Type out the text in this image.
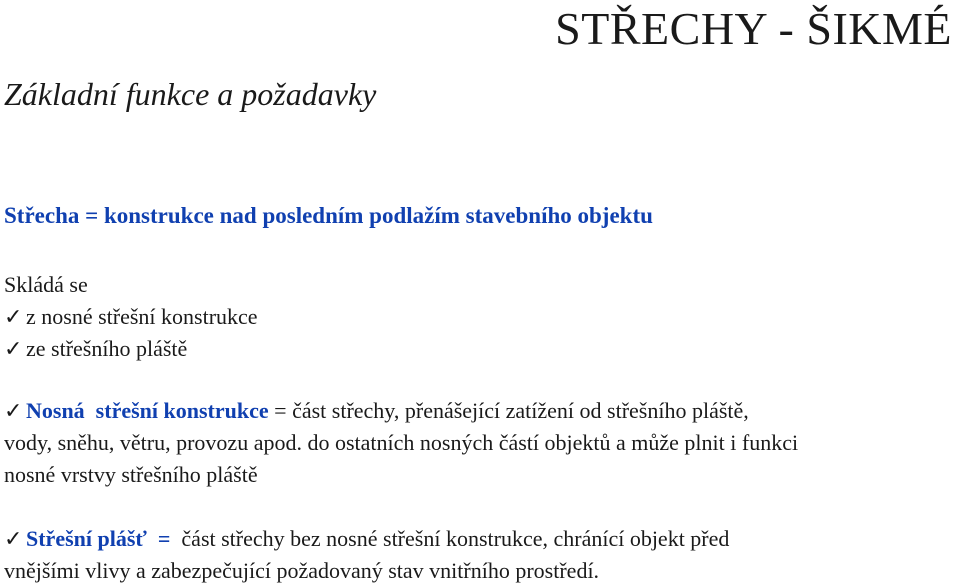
STŘECHY - ŠIKMÉ
Základní funkce a požadavky
Střecha = konstrukce nad posledním podlažím stavebního objektu
Skládá se
✓ z nosné střešní konstrukce
✓ ze střešního pláště
✓ Nosná  střešní konstrukce = část střechy, přenášející zatížení od střešního pláště,
vody, sněhu, větru, provozu apod. do ostatních nosných částí objektů a může plnit i funkci
nosné vrstvy střešního pláště
✓ Střešní plášť  =  část střechy bez nosné střešní konstrukce, chránící objekt před
vnějšími vlivy a zabezpečující požadovaný stav vnitřního prostředí.
